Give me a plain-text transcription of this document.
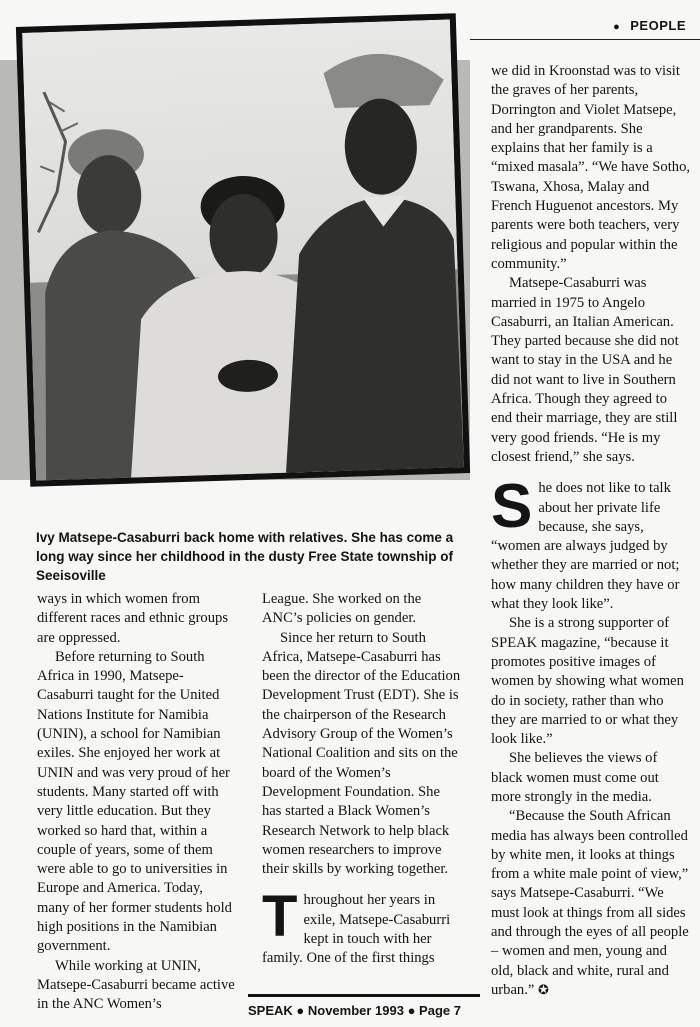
● PEOPLE
Ivy Matsepe-Casaburri back home with relatives. She has come a long way since her childhood in the dusty Free State township of Seeisoville

ways in which women from different races and ethnic groups are oppressed.

Before returning to South Africa in 1990, Matsepe-Casaburri taught for the United Nations Institute for Namibia (UNIN), a school for Namibian exiles. She enjoyed her work at UNIN and was very proud of her students. Many started off with very little education. But they worked so hard that, within a couple of years, some of them were able to go to universities in Europe and America. Today, many of her former students hold high positions in the Namibian government.

While working at UNIN, Matsepe-Casaburri became active in the ANC Women’s

League. She worked on the ANC’s policies on gender.

Since her return to South Africa, Matsepe-Casaburri has been the director of the Education Development Trust (EDT). She is the chairperson of the Research Advisory Group of the Women’s National Coalition and sits on the board of the Women’s Development Foundation. She has started a Black Women’s Research Network to help black women researchers to improve their skills by working together.

Throughout her years in exile, Matsepe-Casaburri kept in touch with her family. One of the first things

we did in Kroonstad was to visit the graves of her parents, Dorrington and Violet Matsepe, and her grandparents. She explains that her family is a “mixed masala”. “We have Sotho, Tswana, Xhosa, Malay and French Huguenot ancestors. My parents were both teachers, very religious and popular within the community.”

Matsepe-Casaburri was married in 1975 to Angelo Casaburri, an Italian American. They parted because she did not want to stay in the USA and he did not want to live in Southern Africa. Though they agreed to end their marriage, they are still very good friends. “He is my closest friend,” she says.

She does not like to talk about her private life because, she says, “women are always judged by whether they are married or not; how many children they have or what they look like”.

She is a strong supporter of SPEAK magazine, “because it promotes positive images of women by showing what women do in society, rather than who they are married to or what they look like.”

She believes the views of black women must come out more strongly in the media.

“Because the South African media has always been controlled by white men, it looks at things from a white male point of view,” says Matsepe-Casaburri. “We must look at things from all sides and through the eyes of all people – women and men, young and old, black and white, rural and urban.” ✪

SPEAK ● November 1993 ● Page 7
